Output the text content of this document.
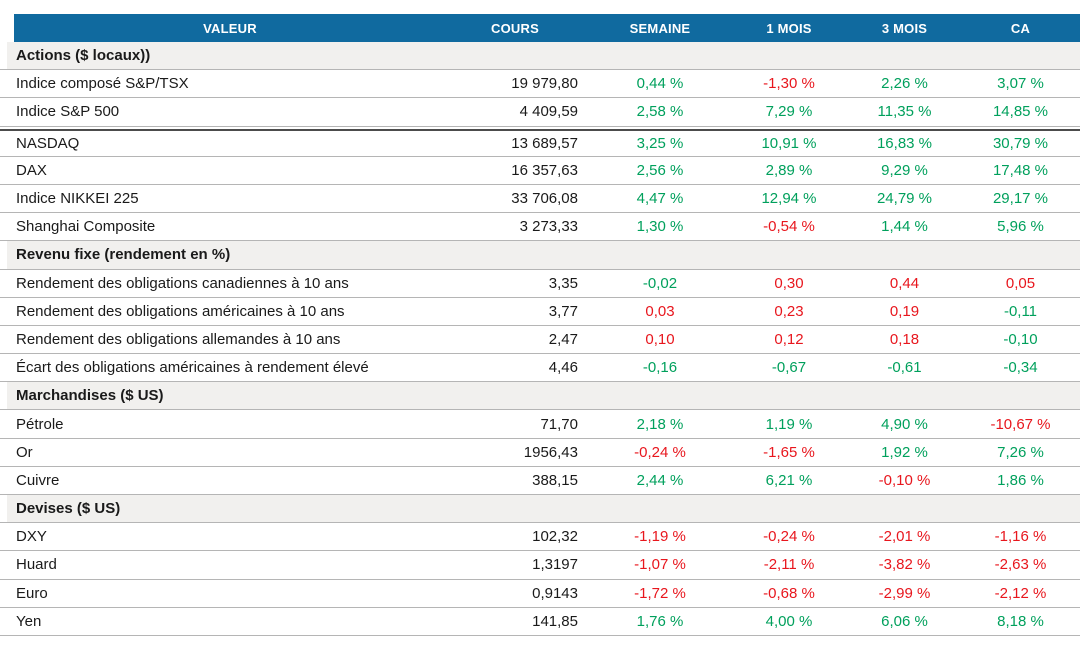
VALEUR	COURS	SEMAINE	1 MOIS	3 MOIS	CA
Actions ($ locaux))
Indice composé S&P/TSX	19 979,80	0,44 %	-1,30 %	2,26 %	3,07 %
Indice S&P 500	4 409,59	2,58 %	7,29 %	11,35 %	14,85 %
NASDAQ	13 689,57	3,25 %	10,91 %	16,83 %	30,79 %
DAX	16 357,63	2,56 %	2,89 %	9,29 %	17,48 %
Indice NIKKEI 225	33 706,08	4,47 %	12,94 %	24,79 %	29,17 %
Shanghai Composite	3 273,33	1,30 %	-0,54 %	1,44 %	5,96 %
Revenu fixe (rendement en %)
Rendement des obligations canadiennes à 10 ans	3,35	-0,02	0,30	0,44	0,05
Rendement des obligations américaines à 10 ans	3,77	0,03	0,23	0,19	-0,11
Rendement des obligations allemandes à 10 ans	2,47	0,10	0,12	0,18	-0,10
Écart des obligations américaines à rendement élevé	4,46	-0,16	-0,67	-0,61	-0,34
Marchandises ($ US)
Pétrole	71,70	2,18 %	1,19 %	4,90 %	-10,67 %
Or	1956,43	-0,24 %	-1,65 %	1,92 %	7,26 %
Cuivre	388,15	2,44 %	6,21 %	-0,10 %	1,86 %
Devises ($ US)
DXY	102,32	-1,19 %	-0,24 %	-2,01 %	-1,16 %
Huard	1,3197	-1,07 %	-2,11 %	-3,82 %	-2,63 %
Euro	0,9143	-1,72 %	-0,68 %	-2,99 %	-2,12 %
Yen	141,85	1,76 %	4,00 %	6,06 %	8,18 %
